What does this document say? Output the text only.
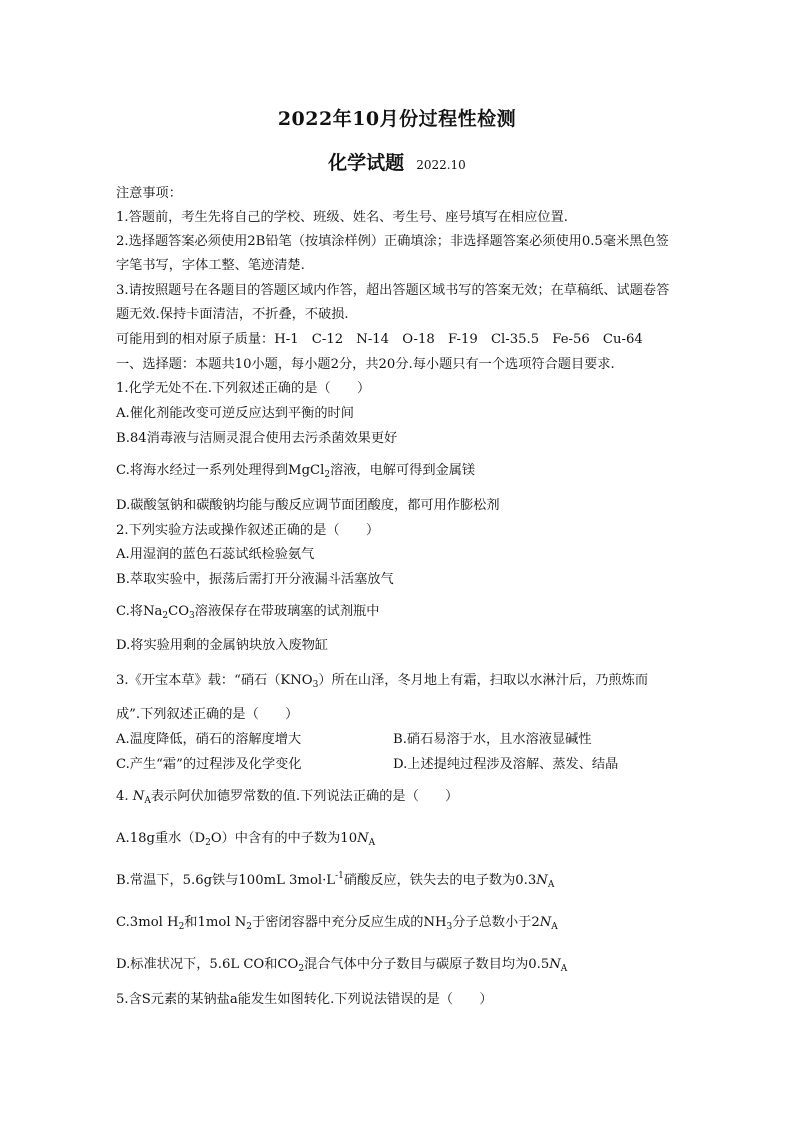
2022年10月份过程性检测
化学试题 2022.10
注意事项：
1.答题前，考生先将自己的学校、班级、姓名、考生号、座号填写在相应位置.
2.选择题答案必须使用2B铅笔（按填涂样例）正确填涂；非选择题答案必须使用0.5毫米黑色签
字笔书写，字体工整、笔迹清楚.
3.请按照题号在各题目的答题区域内作答，超出答题区域书写的答案无效；在草稿纸、试题卷答
题无效.保持卡面清洁，不折叠，不破损.
可能用到的相对原子质量：H-1　C-12　N-14　O-18　F-19　Cl-35.5　Fe-56　Cu-64
一、选择题：本题共10小题，每小题2分，共20分.每小题只有一个选项符合题目要求.
1.化学无处不在.下列叙述正确的是（　　）
A.催化剂能改变可逆反应达到平衡的时间
B.84消毒液与洁厕灵混合使用去污杀菌效果更好
C.将海水经过一系列处理得到MgCl$_2$溶液，电解可得到金属镁
D.碳酸氢钠和碳酸钠均能与酸反应调节面团酸度，都可用作膨松剂
2.下列实验方法或操作叙述正确的是（　　）
A.用湿润的蓝色石蕊试纸检验氨气
B.萃取实验中，振荡后需打开分液漏斗活塞放气
C.将$Na_2CO_3$溶液保存在带玻璃塞的试剂瓶中
D.将实验用剩的金属钠块放入废物缸
3.《开宝本草》载：“硝石$(KNO_3)$所在山泽，冬月地上有霜，扫取以水淋汁后，乃煎炼而
成”.下列叙述正确的是（　　）
A.温度降低，硝石的溶解度增大	B.硝石易溶于水，且水溶液显碱性
C.产生“霜”的过程涉及化学变化	D.上述提纯过程涉及溶解、蒸发、结晶
4. $N_A$表示阿伏加德罗常数的值.下列说法正确的是（　　）
A.18g重水$(D_2O)$中含有的中子数为$10N_A$
B.常温下，5.6g铁与100mL $3mol\cdot L^{-1}$硝酸反应，铁失去的电子数为$0.3N_A$
C.3mol $H_2$和1mol $N_2$于密闭容器中充分反应生成的$NH_3$分子总数小于$2N_A$
D.标准状况下，5.6L CO和$CO_2$混合气体中分子数目与碳原子数目均为$0.5N_A$
5.含S元素的某钠盐a能发生如图转化.下列说法错误的是（　　）
